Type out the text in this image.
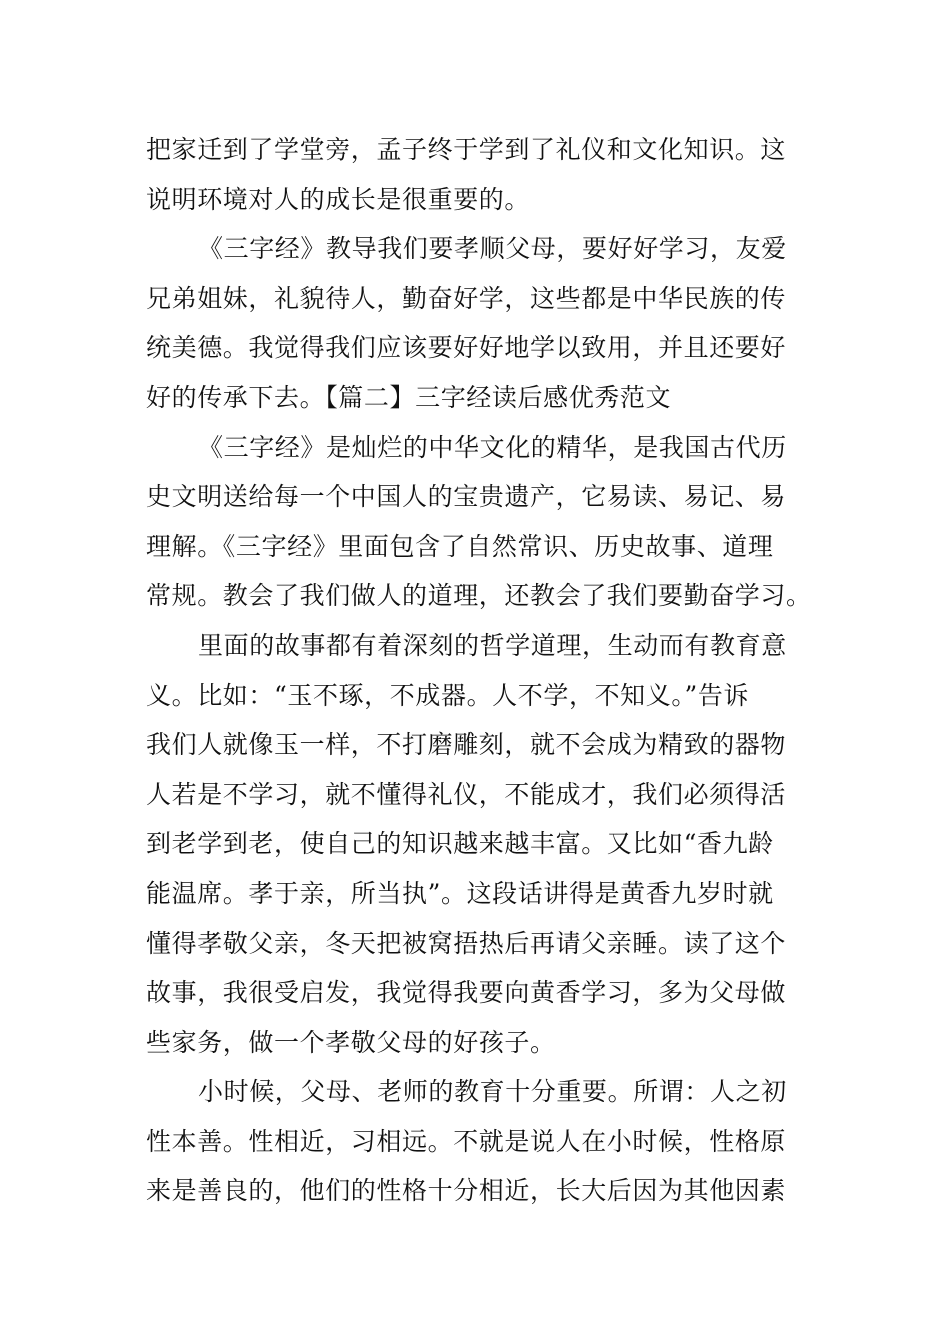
把家迁到了学堂旁，孟子终于学到了礼仪和文化知识。这
说明环境对人的成长是很重要的。
《三字经》教导我们要孝顺父母，要好好学习，友爱
兄弟姐妹，礼貌待人，勤奋好学，这些都是中华民族的传
统美德。我觉得我们应该要好好地学以致用，并且还要好
好的传承下去。【篇二】三字经读后感优秀范文
《三字经》是灿烂的中华文化的精华，是我国古代历
史文明送给每一个中国人的宝贵遗产，它易读、易记、易
理解。《三字经》里面包含了自然常识、历史故事、道理
常规。教会了我们做人的道理，还教会了我们要勤奋学习。
里面的故事都有着深刻的哲学道理，生动而有教育意
义。比如：“玉不琢，不成器。人不学，不知义。”告诉
我们人就像玉一样，不打磨雕刻，就不会成为精致的器物
人若是不学习，就不懂得礼仪，不能成才，我们必须得活
到老学到老，使自己的知识越来越丰富。又比如“香九龄
能温席。孝于亲，所当执”。这段话讲得是黄香九岁时就
懂得孝敬父亲，冬天把被窝捂热后再请父亲睡。读了这个
故事，我很受启发，我觉得我要向黄香学习，多为父母做
些家务，做一个孝敬父母的好孩子。
小时候，父母、老师的教育十分重要。所谓：人之初
性本善。性相近，习相远。不就是说人在小时候，性格原
来是善良的，他们的性格十分相近，长大后因为其他因素
